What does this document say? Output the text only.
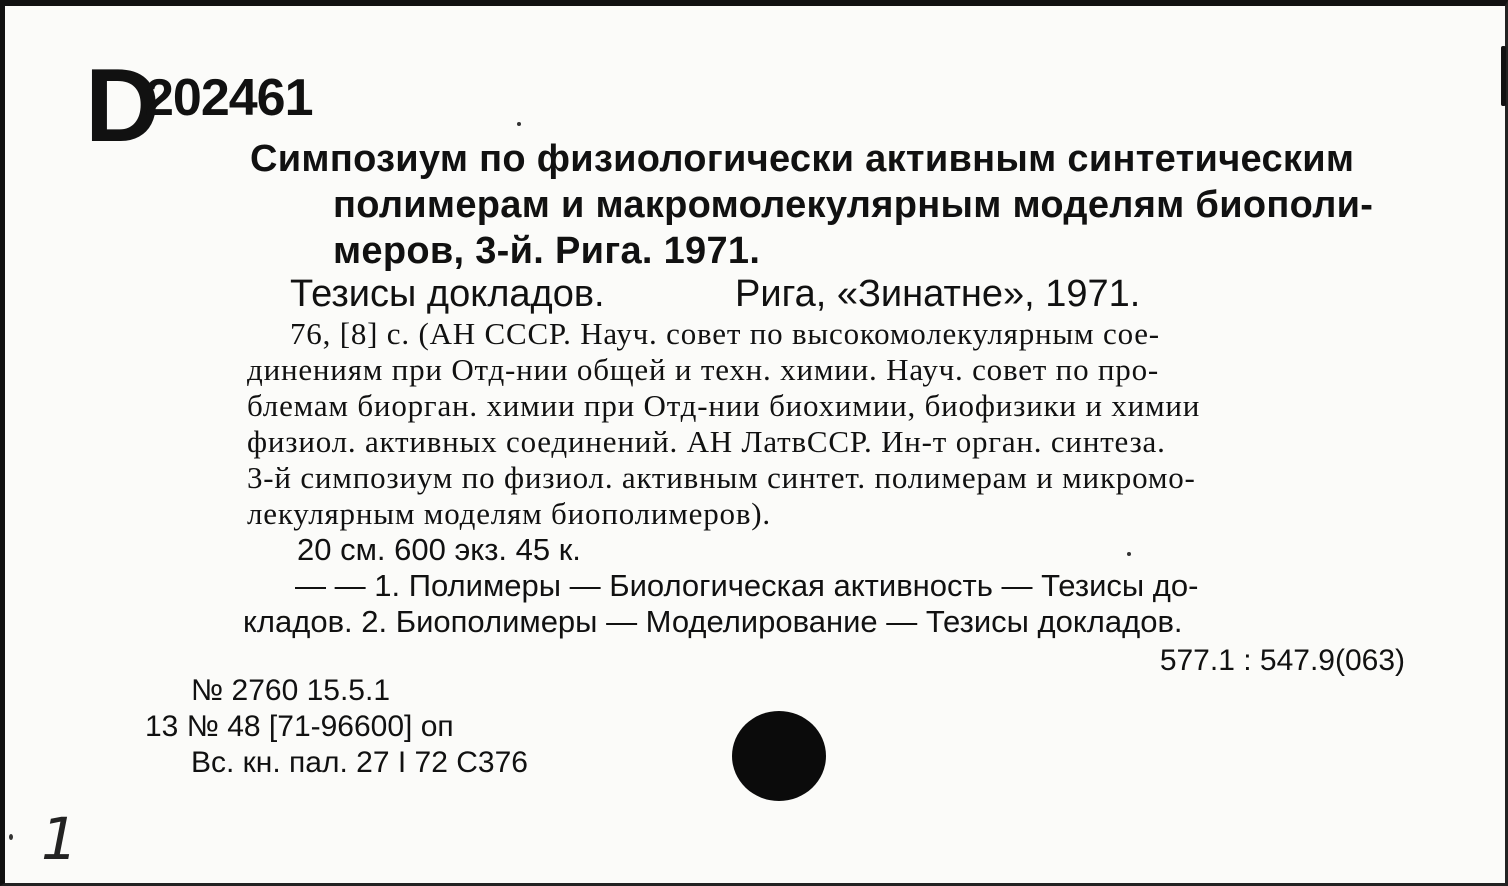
D
202461
Симпозиум по физиологически активным синтетическим
полимерам и макромолекулярным моделям биополи-
меров, 3-й. Рига. 1971.
Тезисы докладов.	Рига, «Зинатне», 1971.
76, [8] с. (АН СССР. Науч. совет по высокомолекулярным сое-
динениям при Отд-нии общей и техн. химии. Науч. совет по про-
блемам биорган. химии при Отд-нии биохимии, биофизики и химии
физиол. активных соединений. АН ЛатвССР. Ин-т орган. синтеза.
3-й симпозиум по физиол. активным синтет. полимерам и микромо-
лекулярным моделям биополимеров).
20 см. 600 экз. 45 к.
— — 1. Полимеры — Биологическая активность — Тезисы до-
кладов. 2. Биополимеры — Моделирование — Тезисы докладов.
577.1 : 547.9(063)
№ 2760 15.5.1
13 № 48 [71-96600] оп
Вс. кн. пал. 27 I 72 С376
1
